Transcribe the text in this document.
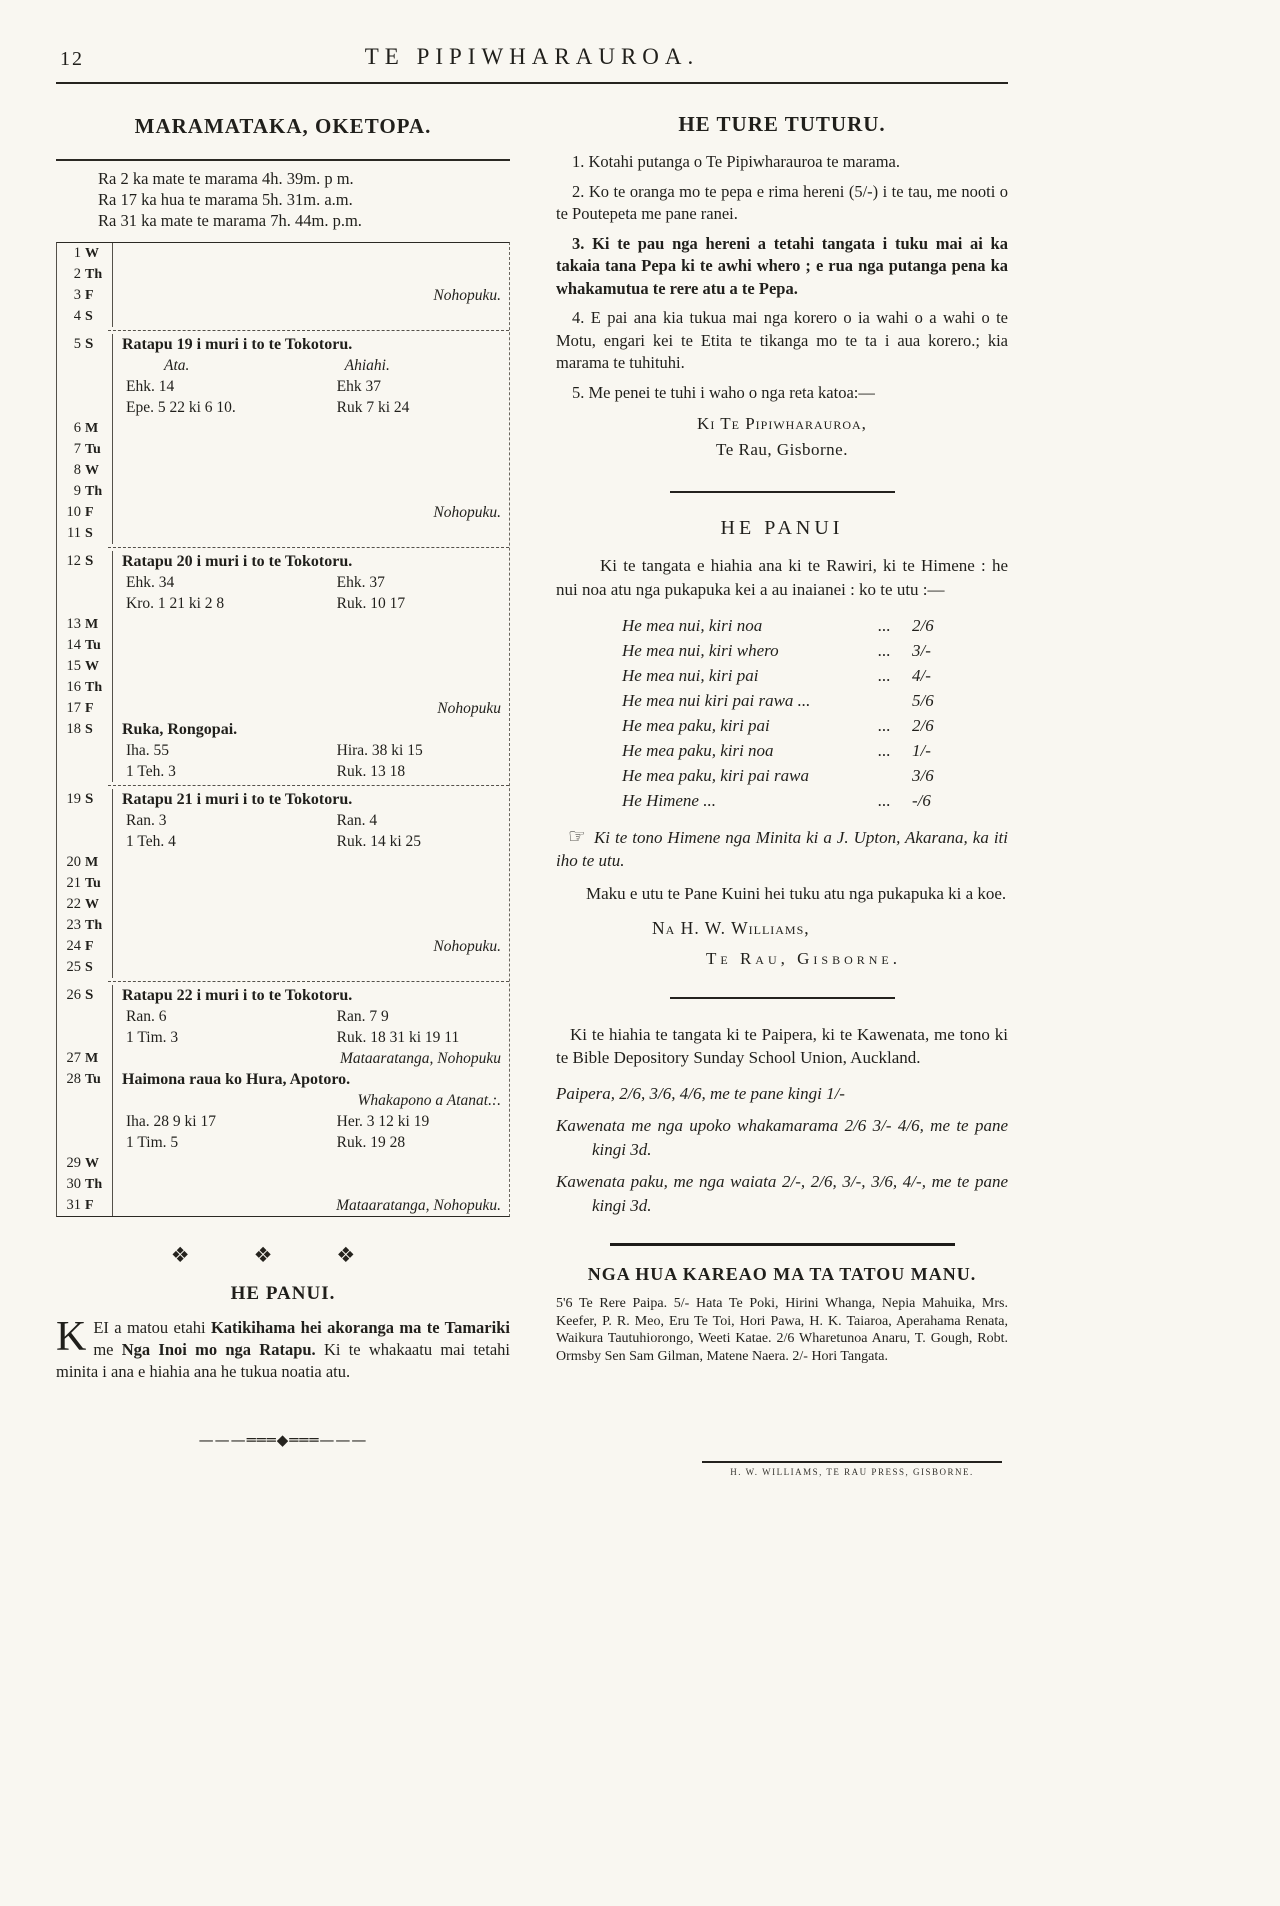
12	TE PIPIWHARAUROA.
MARAMATAKA, OKETOPA.
Ra 2 ka mate te marama 4h. 39m. p m.
Ra 17 ka hua te marama 5h. 31m. a.m.
Ra 31 ka mate te marama 7h. 44m. p.m.
1 W
2 Th
3 F	Nohopuku.
4 S
5 S	Ratapu 19 i muri i to te Tokotoru.
Ata.	Ahiahi.
Ehk. 14	Ehk 37
Epe. 5 22 ki 6 10.	Ruk 7 ki 24
6 M
7 Tu
8 W
9 Th
10 F	Nohopuku.
11 S
12 S	Ratapu 20 i muri i to te Tokotoru.
Ehk. 34	Ehk. 37
Kro. 1 21 ki 2 8	Ruk. 10 17
13 M
14 Tu
15 W
16 Th
17 F	Nohopuku
18 S	Ruka, Rongopai.
Iha. 55	Hira. 38 ki 15
1 Teh. 3	Ruk. 13 18
19 S	Ratapu 21 i muri i to te Tokotoru.
Ran. 3	Ran. 4
1 Teh. 4	Ruk. 14 ki 25
20 M
21 Tu
22 W
23 Th
24 F	Nohopuku.
25 S
26 S	Ratapu 22 i muri i to te Tokotoru.
Ran. 6	Ran. 7 9
1 Tim. 3	Ruk. 18 31 ki 19 11
27 M	Mataaratanga, Nohopuku
28 Tu	Haimona raua ko Hura, Apotoro.
Whakapono a Atanat.:.
Iha. 28 9 ki 17	Her. 3 12 ki 19
1 Tim. 5	Ruk. 19 28
29 W
30 Th
31 F	Mataaratanga, Nohopuku.
❖	❖	❖
HE PANUI.

KEI a matou etahi Katikihama hei akoranga ma te Tamariki me Nga Inoi mo nga Ratapu. Ki te whakaatu mai tetahi minita i ana e hiahia ana he tukua noatia atu.

———═══◆═══———
HE TURE TUTURU.

1. Kotahi putanga o Te Pipiwharauroa te marama.

2. Ko te oranga mo te pepa e rima hereni (5/-) i te tau, me nooti o te Poutepeta me pane ranei.

3. Ki te pau nga hereni a tetahi tangata i tuku mai ai ka takaia tana Pepa ki te awhi whero ; e rua nga putanga pena ka whakamutua te rere atu a te Pepa.

4. E pai ana kia tukua mai nga korero o ia wahi o a wahi o te Motu, engari kei te Etita te tikanga mo te ta i aua korero.; kia marama te tuhituhi.

5. Me penei te tuhi i waho o nga reta katoa:—

Ki Te Pipiwharauroa,
Te Rau, Gisborne.
HE PANUI

Ki te tangata e hiahia ana ki te Rawiri, ki te Himene : he nui noa atu nga pukapuka kei a au inaianei : ko te utu :—

He mea nui, kiri noa	...	2/6
He mea nui, kiri whero	...	3/-
He mea nui, kiri pai	...	4/-
He mea nui kiri pai rawa ...	5/6
He mea paku, kiri pai	...	2/6
He mea paku, kiri noa	...	1/-
He mea paku, kiri pai rawa	3/6
He Himene ...	...	-/6

☞ Ki te tono Himene nga Minita ki a J. Upton, Akarana, ka iti iho te utu.

Maku e utu te Pane Kuini hei tuku atu nga pukapuka ki a koe.

Na H. W. Williams,
Te Rau, Gisborne.

Ki te hiahia te tangata ki te Paipera, ki te Kawenata, me tono ki te Bible Depository Sunday School Union, Auckland.

Paipera, 2/6, 3/6, 4/6, me te pane kingi 1/-

Kawenata me nga upoko whakamarama 2/6 3/- 4/6, me te pane kingi 3d.

Kawenata paku, me nga waiata 2/-, 2/6, 3/-, 3/6, 4/-, me te pane kingi 3d.

NGA HUA KAREAO MA TA TATOU MANU.

5'6 Te Rere Paipa. 5/- Hata Te Poki, Hirini Whanga, Nepia Mahuika, Mrs. Keefer, P. R. Meo, Eru Te Toi, Hori Pawa, H. K. Taiaroa, Aperahama Renata, Waikura Tautuhiorongo, Weeti Katae. 2/6 Wharetunoa Anaru, T. Gough, Robt. Ormsby Sen Sam Gilman, Matene Naera. 2/- Hori Tangata.

H. W. WILLIAMS, TE RAU PRESS, GISBORNE.
